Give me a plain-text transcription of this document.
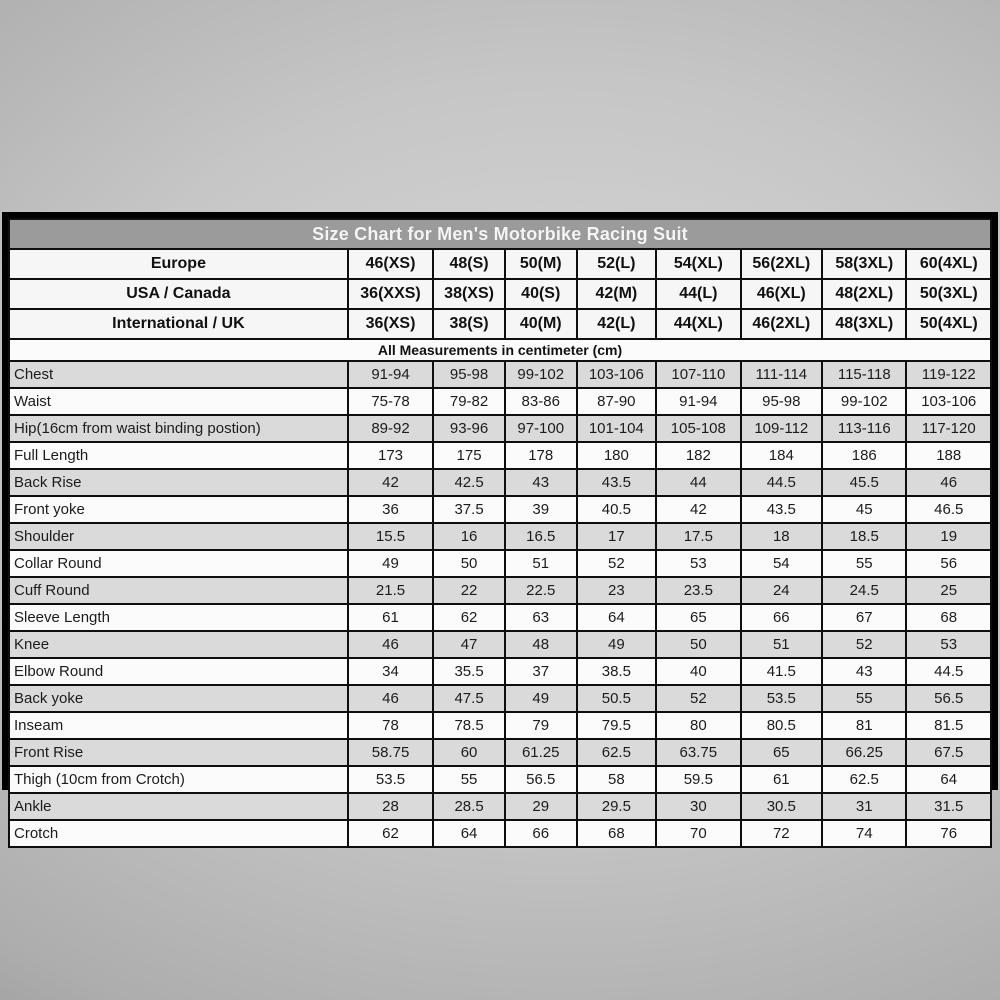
Size Chart for Men's Motorbike Racing Suit								
Europe	46(XS)	48(S)	50(M)	52(L)	54(XL)	56(2XL)	58(3XL)	60(4XL)
USA / Canada	36(XXS)	38(XS)	40(S)	42(M)	44(L)	46(XL)	48(2XL)	50(3XL)
International / UK	36(XS)	38(S)	40(M)	42(L)	44(XL)	46(2XL)	48(3XL)	50(4XL)
All Measurements in centimeter (cm)								
Chest	91-94	95-98	99-102	103-106	107-110	111-114	115-118	119-122
Waist	75-78	79-82	83-86	87-90	91-94	95-98	99-102	103-106
Hip(16cm from waist binding postion)	89-92	93-96	97-100	101-104	105-108	109-112	113-116	117-120
Full Length	173	175	178	180	182	184	186	188
Back Rise	42	42.5	43	43.5	44	44.5	45.5	46
Front yoke	36	37.5	39	40.5	42	43.5	45	46.5
Shoulder	15.5	16	16.5	17	17.5	18	18.5	19
Collar Round	49	50	51	52	53	54	55	56
Cuff Round	21.5	22	22.5	23	23.5	24	24.5	25
Sleeve Length	61	62	63	64	65	66	67	68
Knee	46	47	48	49	50	51	52	53
Elbow Round	34	35.5	37	38.5	40	41.5	43	44.5
Back yoke	46	47.5	49	50.5	52	53.5	55	56.5
Inseam	78	78.5	79	79.5	80	80.5	81	81.5
Front Rise	58.75	60	61.25	62.5	63.75	65	66.25	67.5
Thigh (10cm from Crotch)	53.5	55	56.5	58	59.5	61	62.5	64
Ankle	28	28.5	29	29.5	30	30.5	31	31.5
Crotch	62	64	66	68	70	72	74	76
